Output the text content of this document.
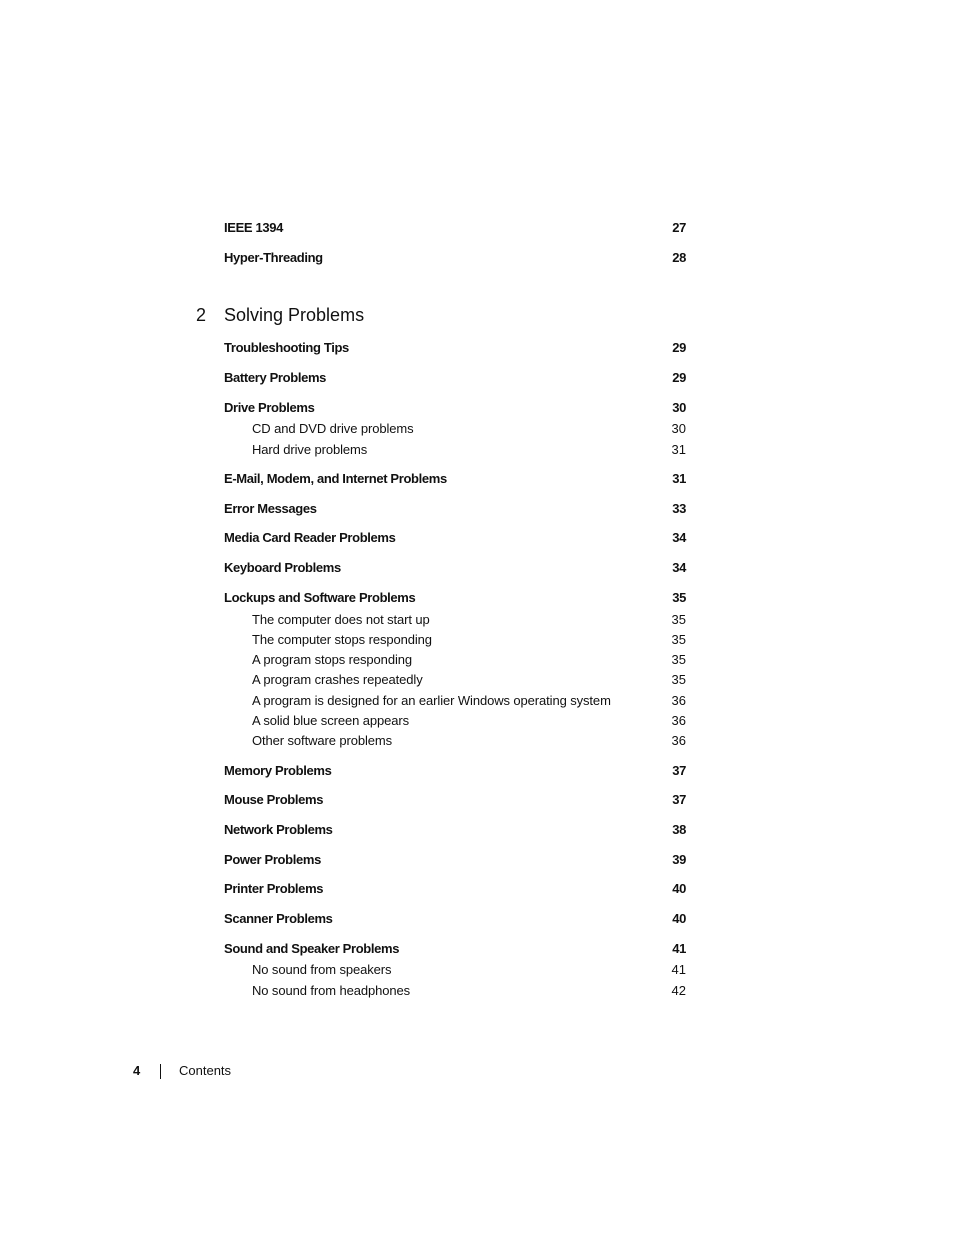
IEEE 1394	27
Hyper-Threading	28
2 Solving Problems
Troubleshooting Tips	29
Battery Problems	29
Drive Problems	30
CD and DVD drive problems	30
Hard drive problems	31
E-Mail, Modem, and Internet Problems	31
Error Messages	33
Media Card Reader Problems	34
Keyboard Problems	34
Lockups and Software Problems	35
The computer does not start up	35
The computer stops responding	35
A program stops responding	35
A program crashes repeatedly	35
A program is designed for an earlier Windows operating system	36
A solid blue screen appears	36
Other software problems	36
Memory Problems	37
Mouse Problems	37
Network Problems	38
Power Problems	39
Printer Problems	40
Scanner Problems	40
Sound and Speaker Problems	41
No sound from speakers	41
No sound from headphones	42
4	Contents
